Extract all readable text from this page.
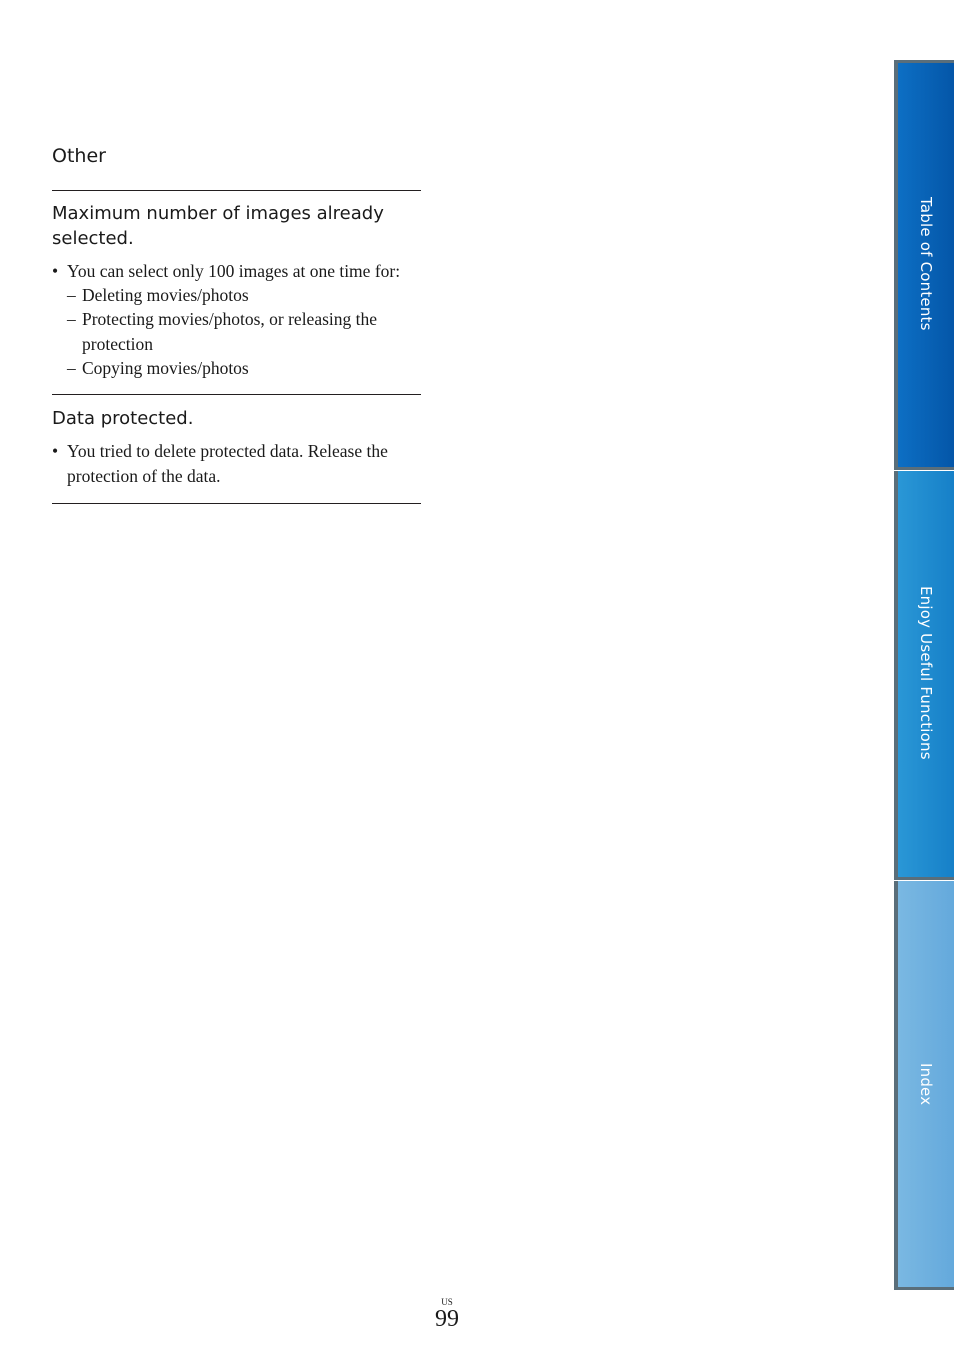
Other
Maximum number of images already selected.
• You can select only 100 images at one time for:
– Deleting movies/photos
– Protecting movies/photos, or releasing the protection
– Copying movies/photos
Data protected.
• You tried to delete protected data. Release the protection of the data.
Table of Contents
Enjoy Useful Functions
Index
US
99
